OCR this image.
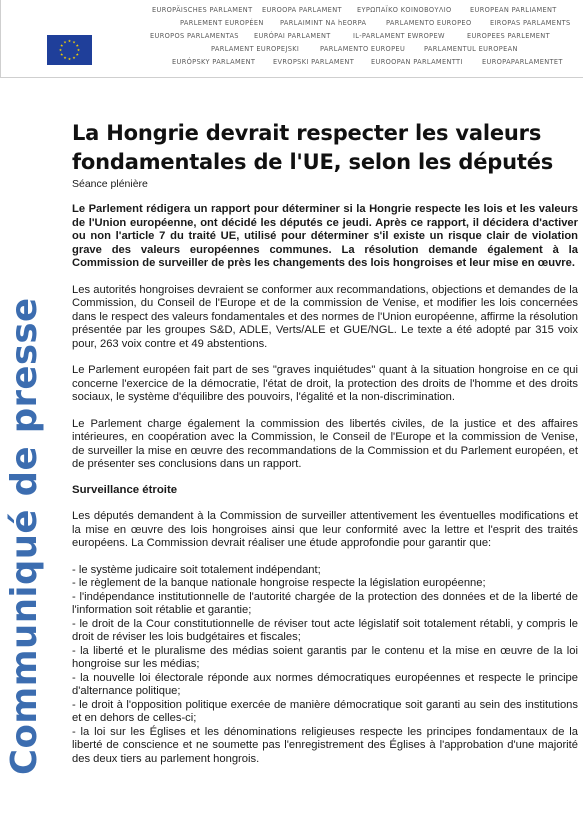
EUROPÄISCHES PARLAMENT EUROOPA PARLAMENT ΕΥΡΩΠΑΪΚΟ ΚΟΙΝΟΒΟΥΛΙΟ	EUROPEAN PARLIAMENT
PARLEMENT EUROPÉEN PARLAIMINT NA hEORPA	PARLAMENTO EUROPEO	EIROPAS PARLAMENTS
EUROPOS PARLAMENTAS EURÓPAI PARLAMENT	IL-PARLAMENT EWROPEW	EUROPEES PARLEMENT
PARLAMENT EUROPEJSKI	PARLAMENTO EUROPEU	PARLAMENTUL EUROPEAN
EURÓPSKY PARLAMENT	EVROPSKI PARLAMENT	EUROOPAN PARLAMENTTI	EUROPAPARLAMENTET
Communiqué de presse
La Hongrie devrait respecter les valeurs fondamentales de l'UE, selon les députés
Séance plénière

Le Parlement rédigera un rapport pour déterminer si la Hongrie respecte les lois et les valeurs de l'Union européenne, ont décidé les députés ce jeudi. Après ce rapport, il décidera d'activer ou non l'article 7 du traité UE, utilisé pour déterminer s'il existe un risque clair de violation grave des valeurs européennes communes. La résolution demande également à la Commission de surveiller de près les changements des lois hongroises et leur mise en œuvre.

Les autorités hongroises devraient se conformer aux recommandations, objections et demandes de la Commission, du Conseil de l'Europe et de la commission de Venise, et modifier les lois concernées dans le respect des valeurs fondamentales et des normes de l'Union européenne, affirme la résolution présentée par les groupes S&D, ADLE, Verts/ALE et GUE/NGL. Le texte a été adopté par 315 voix pour, 263 voix contre et 49 abstentions.

Le Parlement européen fait part de ses "graves inquiétudes" quant à la situation hongroise en ce qui concerne l'exercice de la démocratie, l'état de droit, la protection des droits de l'homme et des droits sociaux, le système d'équilibre des pouvoirs, l'égalité et la non-discrimination.

Le Parlement charge également la commission des libertés civiles, de la justice et des affaires intérieures, en coopération avec la Commission, le Conseil de l'Europe et la commission de Venise, de surveiller la mise en œuvre des recommandations de la Commission et du Parlement européen, et de présenter ses conclusions dans un rapport.

Surveillance étroite

Les députés demandent à la Commission de surveiller attentivement les éventuelles modifications et la mise en œuvre des lois hongroises ainsi que leur conformité avec la lettre et l'esprit des traités européens. La Commission devrait réaliser une étude approfondie pour garantir que:

- le système judicaire soit totalement indépendant;
- le règlement de la banque nationale hongroise respecte la législation européenne;
- l'indépendance institutionnelle de l'autorité chargée de la protection des données et de la liberté de l'information soit rétablie et garantie;
- le droit de la Cour constitutionnelle de réviser tout acte législatif soit totalement rétabli, y compris le droit de réviser les lois budgétaires et fiscales;
- la liberté et le pluralisme des médias soient garantis par le contenu et la mise en œuvre de la loi hongroise sur les médias;
- la nouvelle loi électorale réponde aux normes démocratiques européennes et respecte le principe d'alternance politique;
- le droit à l'opposition politique exercée de manière démocratique soit garanti au sein des institutions et en dehors de celles-ci;
- la loi sur les Églises et les dénominations religieuses respecte les principes fondamentaux de la liberté de conscience et ne soumette pas l'enregistrement des Églises à l'approbation d'une majorité des deux tiers au parlement hongrois.
